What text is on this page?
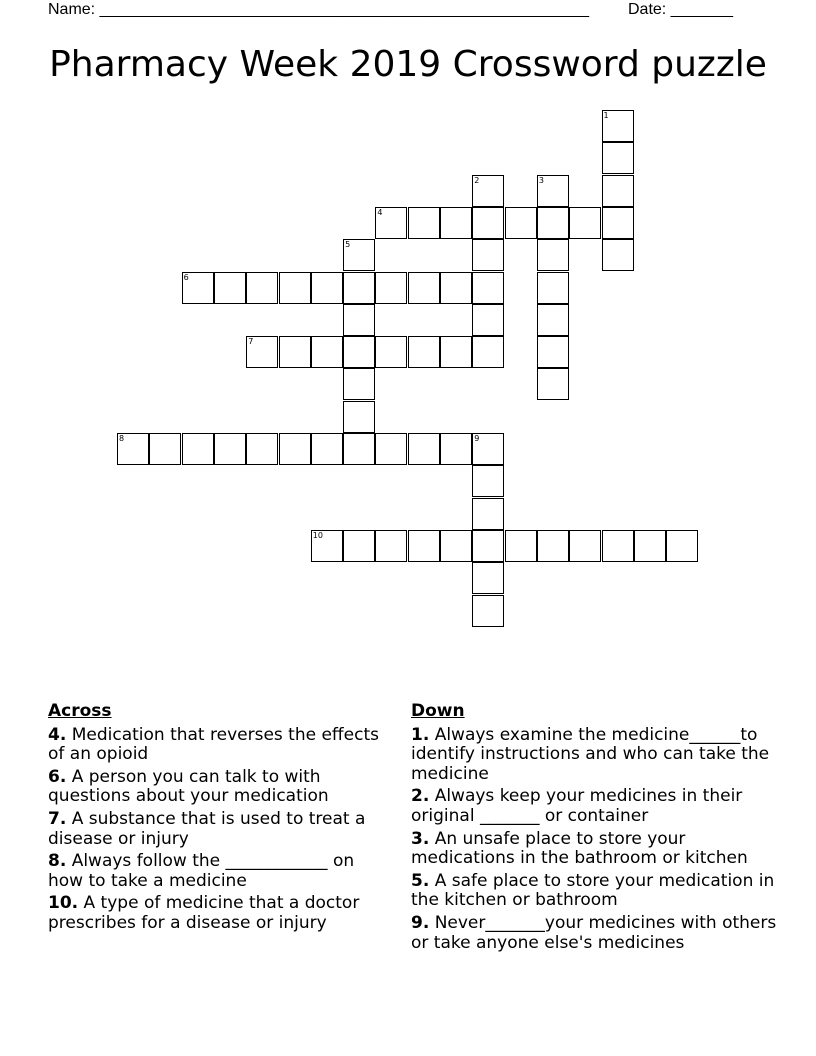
Name: _______________________________________________________

Date: _______

Pharmacy Week 2019 Crossword puzzle
1
2	3
4
5
6
7
8	9
10
Across
4. Medication that reverses the effects of an opioid
6. A person you can talk to with questions about your medication
7. A substance that is used to treat a disease or injury
8. Always follow the ____________ on how to take a medicine
10. A type of medicine that a doctor prescribes for a disease or injury
Down
1. Always examine the medicine______to identify instructions and who can take the medicine
2. Always keep your medicines in their original _______ or container
3. An unsafe place to store your medications in the bathroom or kitchen
5. A safe place to store your medication in the kitchen or bathroom
9. Never_______your medicines with others or take anyone else's medicines
